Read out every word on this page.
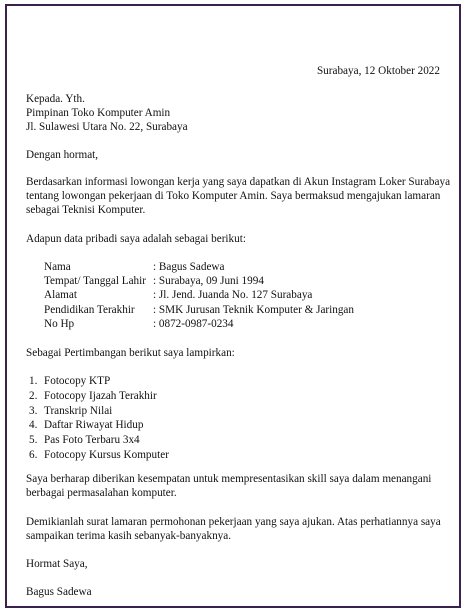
Surabaya, 12 Oktober 2022
Kepada. Yth.
Pimpinan Toko Komputer Amin
Jl. Sulawesi Utara No. 22, Surabaya
Dengan hormat,
Berdasarkan informasi lowongan kerja yang saya dapatkan di Akun Instagram Loker Surabaya
tentang lowongan pekerjaan di Toko Komputer Amin. Saya bermaksud mengajukan lamaran
sebagai Teknisi Komputer.
Adapun data pribadi saya adalah sebagai berikut:
Nama	: Bagus Sadewa
Tempat/ Tanggal Lahir : Surabaya, 09 Juni 1994
Alamat	: Jl. Jend. Juanda No. 127 Surabaya
Pendidikan Terakhir : SMK Jurusan Teknik Komputer & Jaringan
No Hp	: 0872-0987-0234
Sebagai Pertimbangan berikut saya lampirkan:
1. Fotocopy KTP
2. Fotocopy Ijazah Terakhir
3. Transkrip Nilai
4. Daftar Riwayat Hidup
5. Pas Foto Terbaru 3x4
6. Fotocopy Kursus Komputer
Saya berharap diberikan kesempatan untuk mempresentasikan skill saya dalam menangani
berbagai permasalahan komputer.
Demikianlah surat lamaran permohonan pekerjaan yang saya ajukan. Atas perhatiannya saya
sampaikan terima kasih sebanyak-banyaknya.
Hormat Saya,
Bagus Sadewa
